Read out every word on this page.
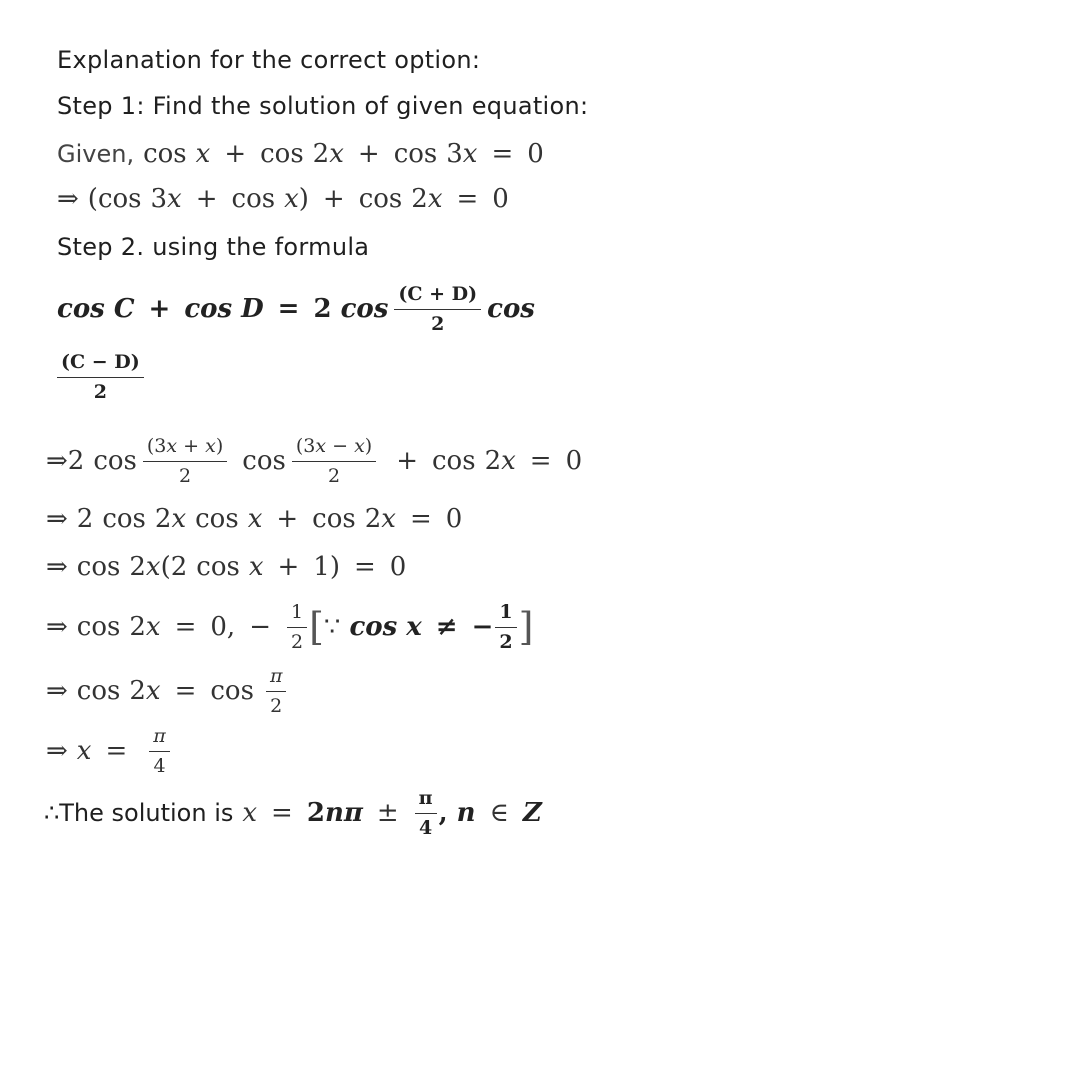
Explanation for the correct option:
Step 1: Find the solution of given equation:
Given, cos x + cos 2 x + cos 3 x = 0
⇒ (cos 3 x + cos x ) + cos 2 x = 0
Step 2. using the formula
cos C + cos D = 2 $\cos \frac{(C + D)}{2}$ cos
$\frac{(C - D)}{2}$
⇒2 $\cos \frac{(3x + x)}{2}$ $\cos \frac{(3x - x)}{2} + \cos 2$ x = 0
⇒ 2 cos 2 x cos x + cos 2 x = 0
⇒ cos 2 x (2 cos x + 1) = 0
⇒ cos 2 x = 0, − $\frac{1}{2}$ [ ∵ cos x ≠ − $\frac{1}{2}$ ]
⇒ cos 2 $x = \cos \frac{\pi}{2}$
⇒ $x = \frac{\pi}{4}$
∴The solution is x = 2 $n\pi \pm \frac{\pi}{4}$ , n ∈ Z
